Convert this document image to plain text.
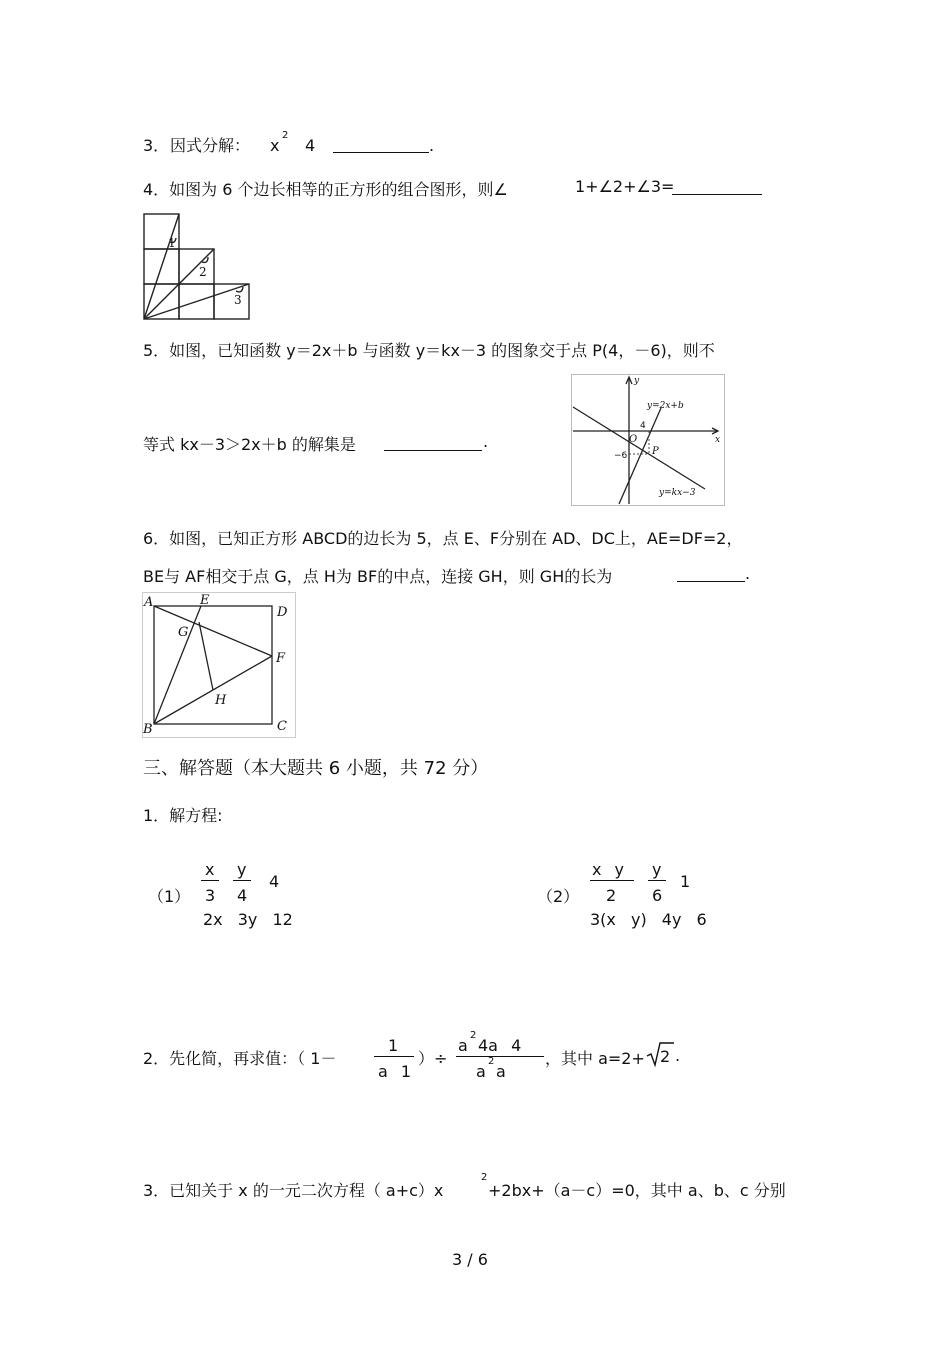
3． 因式分解： x
2
4	.
4．如图为 6 个边长相等的正方形的组合图形，则∠	1+∠2+∠3=
1
2
3
5．如图，已知函数 y＝2x＋b 与函数 y＝kx－3 的图象交于点 P(4，－6)，则不
等式 kx－3＞2x＋b 的解集是	.
y
x
y=2x+b
y=kx−3
O
P
4
−6
6．如图，已知正方形 ABCD的边长为 5，点 E、F分别在 AD、DC上，AE=DF=2，
BE与 AF相交于点 G，点 H为 BF的中点，连接 GH，则 GH的长为	.
A	E
D
G
F
H
B	C
三、解答题（本大题共 6 小题，共 72 分）
1．解方程:
（1）
x
3
y
4
4
2x 3y 12
（2）
x y
2
y
6
1
3(x y) 4y 6
2．先化简，再求值：（ 1－
1
a 1
）÷
a
2
4a 4
a
2
a
，其中 a=2+ 2 .
3．已知关于 x 的一元二次方程（ a+c）x
2
+2bx+（a－c）=0，其中 a、b、c 分别
3 / 6
